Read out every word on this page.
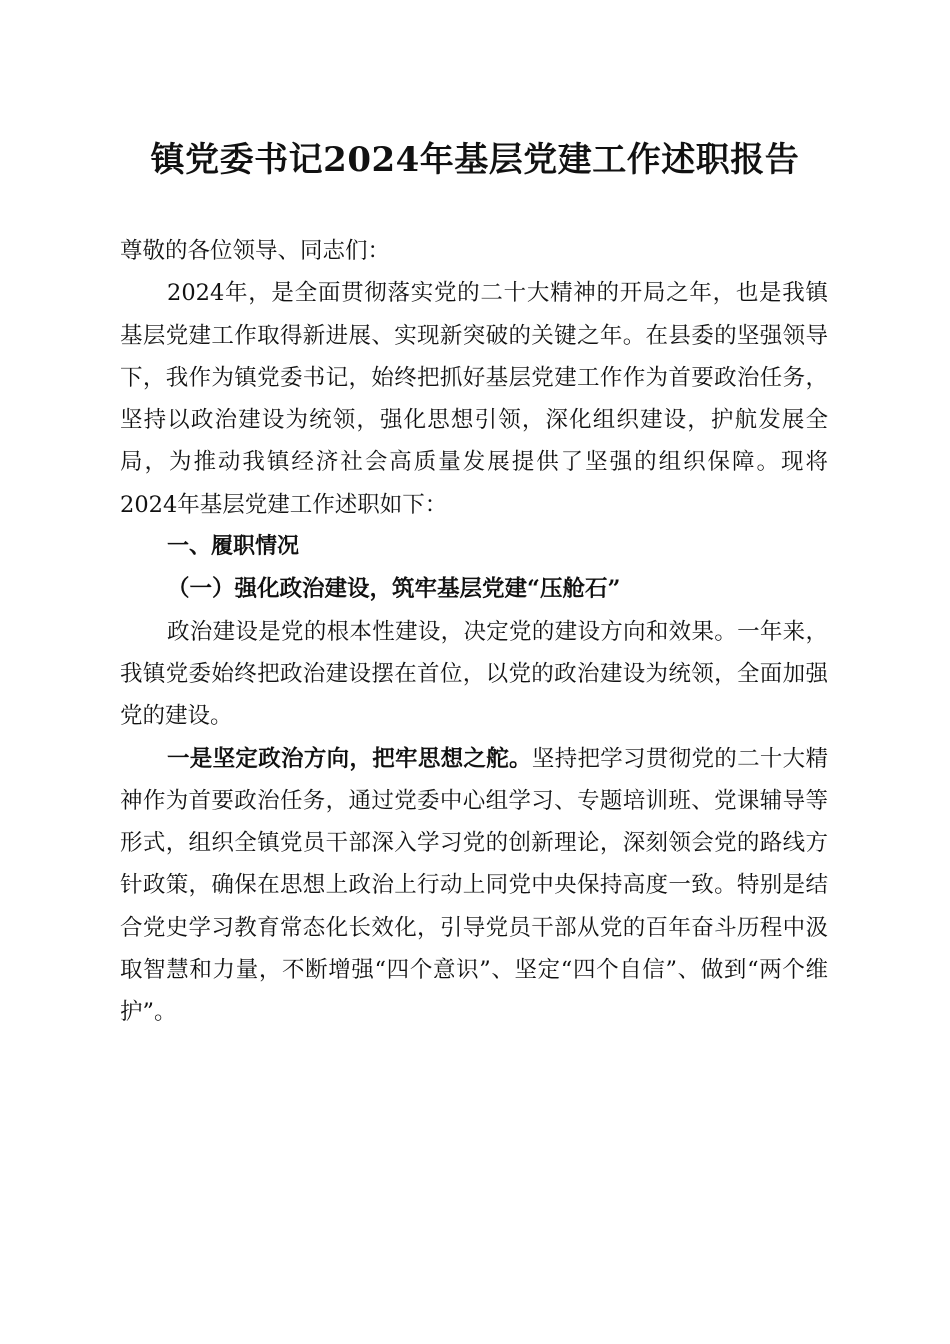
镇党委书记2024年基层党建工作述职报告

尊敬的各位领导、同志们：

2024年，是全面贯彻落实党的二十大精神的开局之年，也是我镇基层党建工作取得新进展、实现新突破的关键之年。在县委的坚强领导下，我作为镇党委书记，始终把抓好基层党建工作作为首要政治任务，坚持以政治建设为统领，强化思想引领，深化组织建设，护航发展全局，为推动我镇经济社会高质量发展提供了坚强的组织保障。现将2024年基层党建工作述职如下：

一、履职情况

（一）强化政治建设，筑牢基层党建“压舱石”

政治建设是党的根本性建设，决定党的建设方向和效果。一年来，我镇党委始终把政治建设摆在首位，以党的政治建设为统领，全面加强党的建设。

一是坚定政治方向，把牢思想之舵。坚持把学习贯彻党的二十大精神作为首要政治任务，通过党委中心组学习、专题培训班、党课辅导等形式，组织全镇党员干部深入学习党的创新理论，深刻领会党的路线方针政策，确保在思想上政治上行动上同党中央保持高度一致。特别是结合党史学习教育常态化长效化，引导党员干部从党的百年奋斗历程中汲取智慧和力量，不断增强“四个意识”、坚定“四个自信”、做到“两个维护”。
